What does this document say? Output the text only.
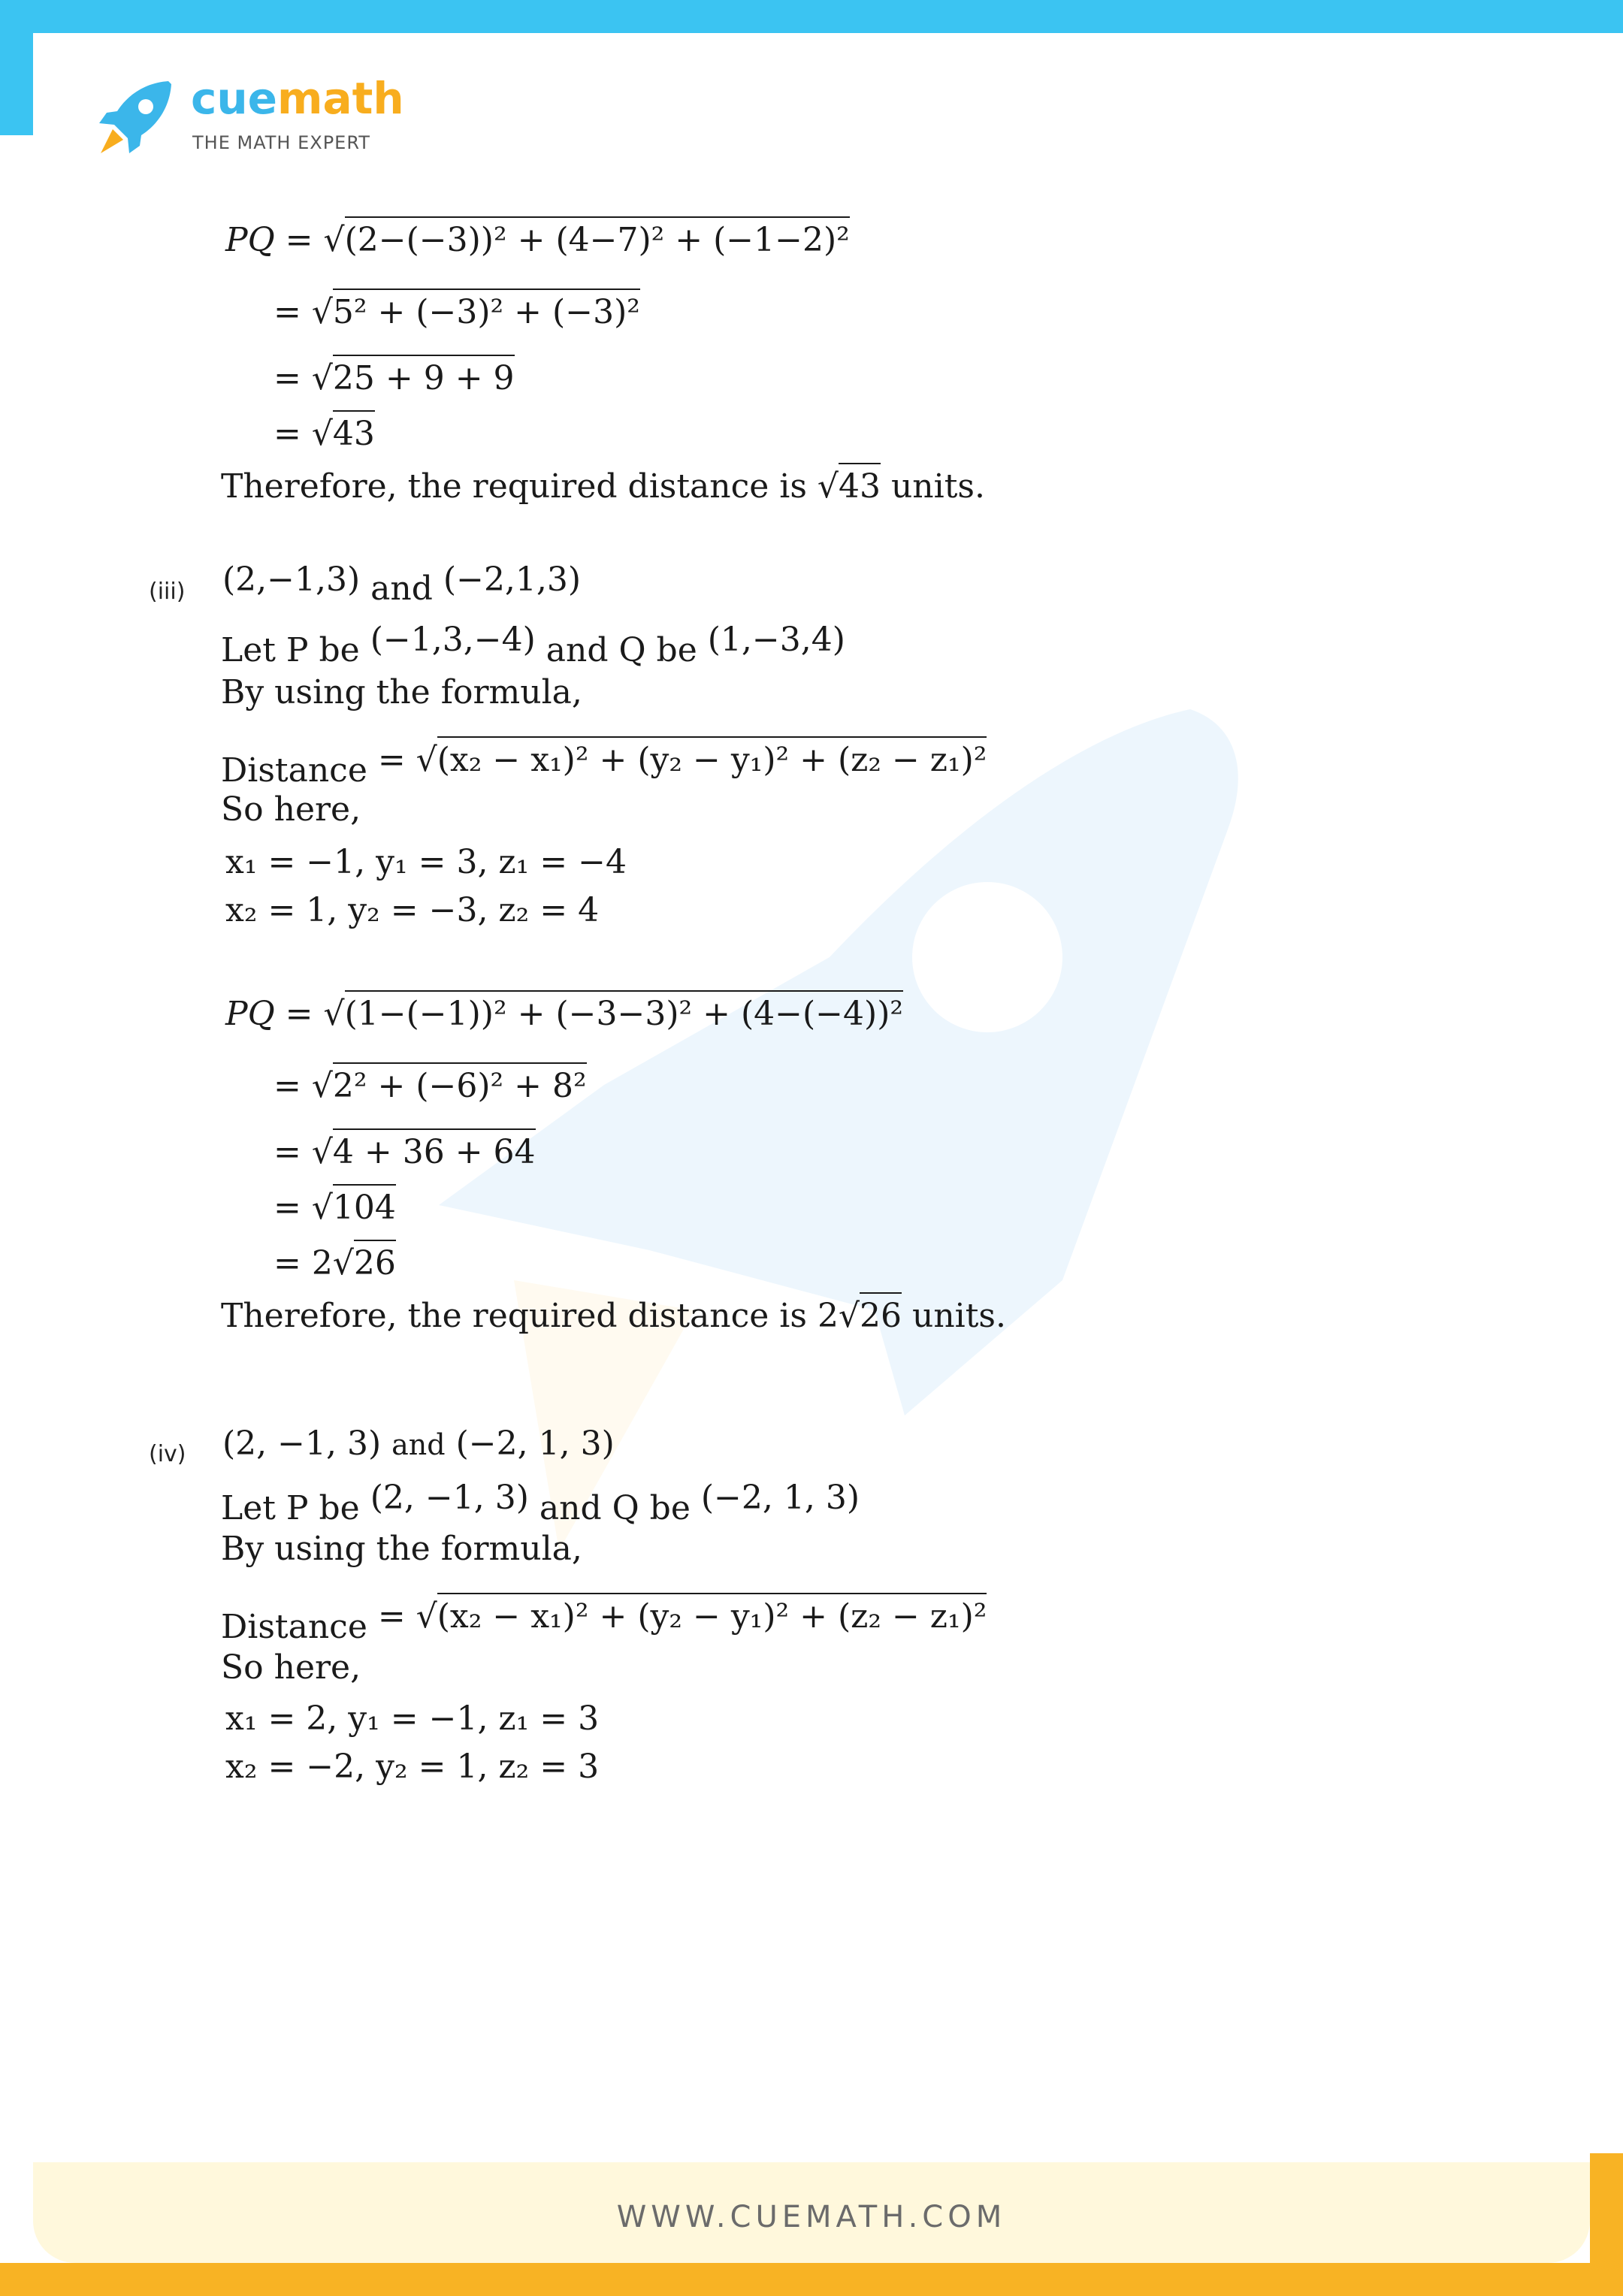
cuemath
THE MATH EXPERT
PQ = √(2−(−3))² + (4−7)² + (−1−2)²
= √5² + (−3)² + (−3)²
= √25 + 9 + 9
= √43
Therefore, the required distance is √43 units.
(iii) (2,−1,3) and (−2,1,3)
Let P be (−1,3,−4) and Q be (1,−3,4)
By using the formula,
Distance = √(x₂ − x₁)² + (y₂ − y₁)² + (z₂ − z₁)²
So here,
x₁ = −1, y₁ = 3, z₁ = −4
x₂ = 1, y₂ = −3, z₂ = 4
PQ = √(1−(−1))² + (−3−3)² + (4−(−4))²
= √2² + (−6)² + 8²
= √4 + 36 + 64
= √104
= 2√26
Therefore, the required distance is 2√26 units.
(iv) (2, −1, 3) and (−2, 1, 3)
Let P be (2, −1, 3) and Q be (−2, 1, 3)
By using the formula,
Distance = √(x₂ − x₁)² + (y₂ − y₁)² + (z₂ − z₁)²
So here,
x₁ = 2, y₁ = −1, z₁ = 3
x₂ = −2, y₂ = 1, z₂ = 3
WWW.CUEMATH.COM
